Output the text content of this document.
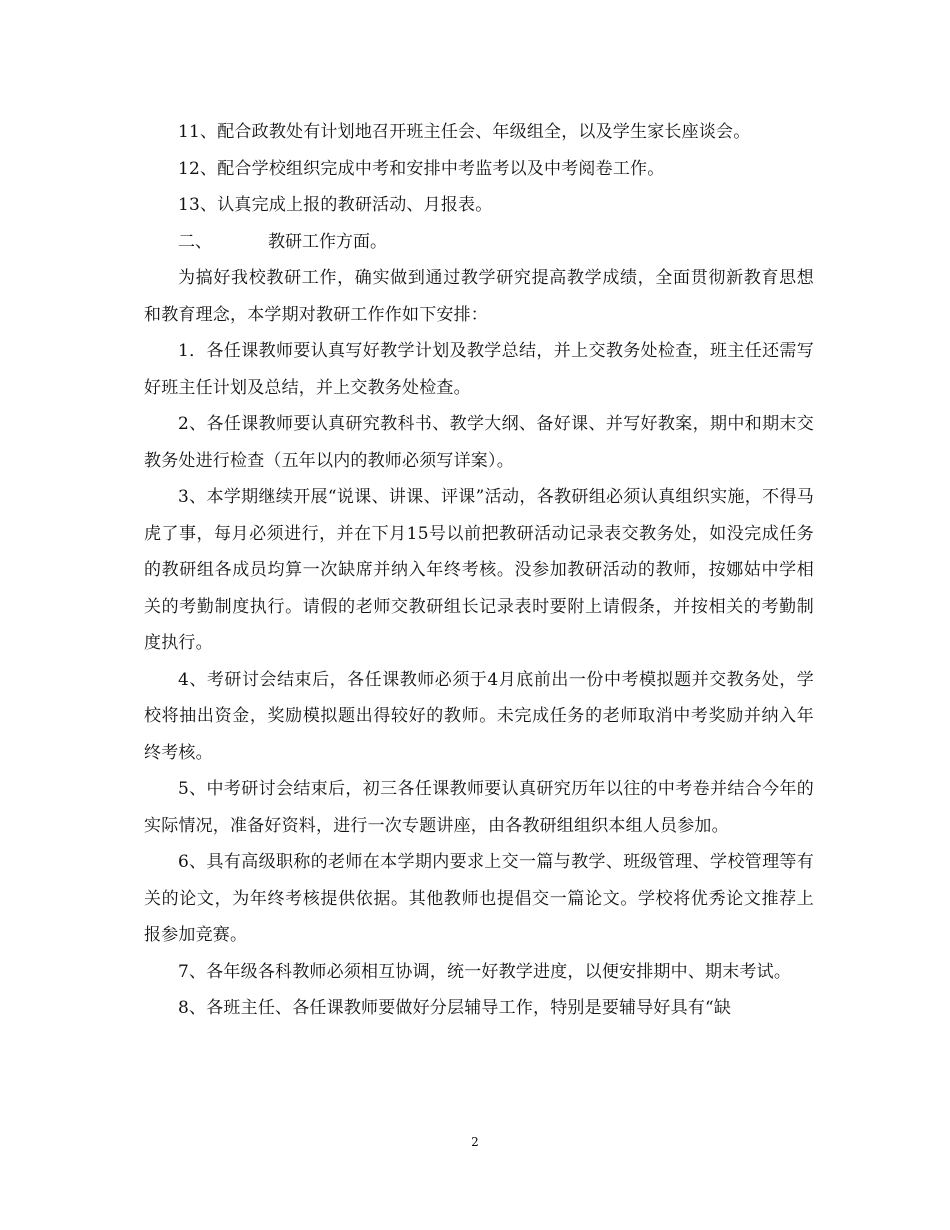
11、配合政教处有计划地召开班主任会、年级组全，以及学生家长座谈会。

12、配合学校组织完成中考和安排中考监考以及中考阅卷工作。

13、认真完成上报的教研活动、月报表。

二、	教研工作方面。

为搞好我校教研工作，确实做到通过教学研究提高教学成绩，全面贯彻新教育思想和教育理念，本学期对教研工作作如下安排：

1．各任课教师要认真写好教学计划及教学总结，并上交教务处检查，班主任还需写好班主任计划及总结，并上交教务处检查。

2、各任课教师要认真研究教科书、教学大纲、备好课、并写好教案，期中和期末交教务处进行检查（五年以内的教师必须写详案）。

3、本学期继续开展“说课、讲课、评课”活动，各教研组必须认真组织实施，不得马虎了事，每月必须进行，并在下月15号以前把教研活动记录表交教务处，如没完成任务的教研组各成员均算一次缺席并纳入年终考核。没参加教研活动的教师，按娜姑中学相关的考勤制度执行。请假的老师交教研组长记录表时要附上请假条，并按相关的考勤制度执行。

4、考研讨会结束后，各任课教师必须于4月底前出一份中考模拟题并交教务处，学校将抽出资金，奖励模拟题出得较好的教师。未完成任务的老师取消中考奖励并纳入年终考核。

5、中考研讨会结束后，初三各任课教师要认真研究历年以往的中考卷并结合今年的实际情况，准备好资料，进行一次专题讲座，由各教研组组织本组人员参加。

6、具有高级职称的老师在本学期内要求上交一篇与教学、班级管理、学校管理等有关的论文，为年终考核提供依据。其他教师也提倡交一篇论文。学校将优秀论文推荐上报参加竞赛。

7、各年级各科教师必须相互协调，统一好教学进度，以便安排期中、期末考试。

8、各班主任、各任课教师要做好分层辅导工作，特别是要辅导好具有“缺

2
